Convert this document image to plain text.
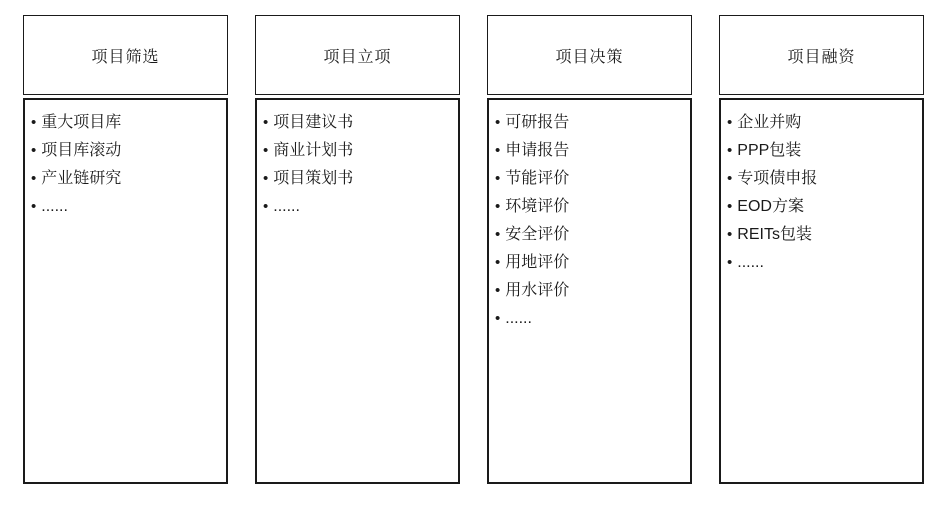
项目筛选
• 重大项目库
• 项目库滚动
• 产业链研究
• ......
项目立项
• 项目建议书
• 商业计划书
• 项目策划书
• ......
项目决策
• 可研报告
• 申请报告
• 节能评价
• 环境评价
• 安全评价
• 用地评价
• 用水评价
• ......
项目融资
• 企业并购
• PPP包装
• 专项债申报
• EOD方案
• REITs包装
• ......
